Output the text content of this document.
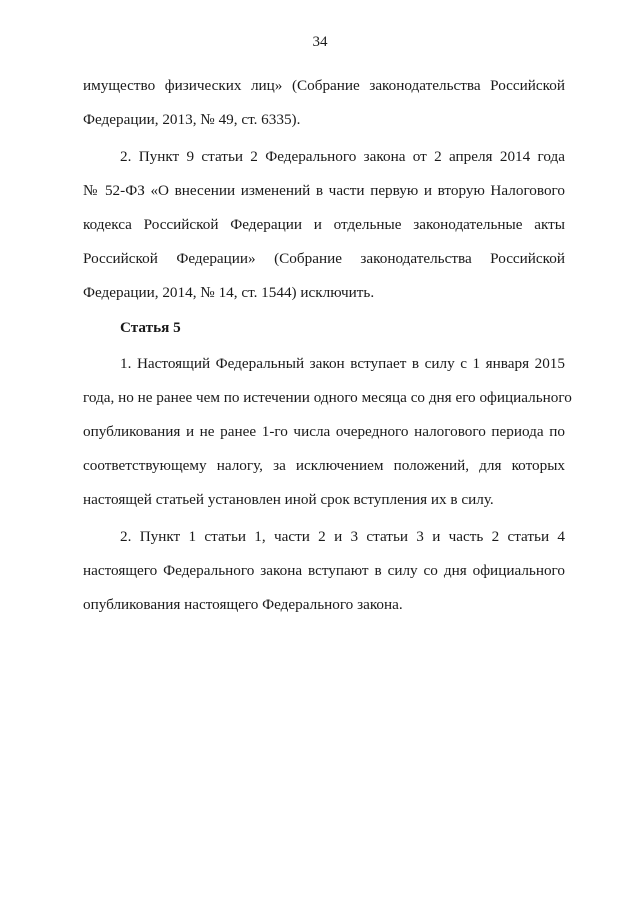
34
имущество физических лиц» (Собрание законодательства Российской
Федерации, 2013, № 49, ст. 6335).
2. Пункт 9 статьи 2 Федерального закона от 2 апреля 2014 года
№ 52-ФЗ «О внесении изменений в части первую и вторую Налогового
кодекса Российской Федерации и отдельные законодательные акты
Российской Федерации» (Собрание законодательства Российской
Федерации, 2014, № 14, ст. 1544) исключить.
Статья 5
1. Настоящий Федеральный закон вступает в силу с 1 января 2015
года, но не ранее чем по истечении одного месяца со дня его официального
опубликования и не ранее 1-го числа очередного налогового периода по
соответствующему налогу, за исключением положений, для которых
настоящей статьей установлен иной срок вступления их в силу.
2. Пункт 1 статьи 1, части 2 и 3 статьи 3 и часть 2 статьи 4
настоящего Федерального закона вступают в силу со дня официального
опубликования настоящего Федерального закона.
